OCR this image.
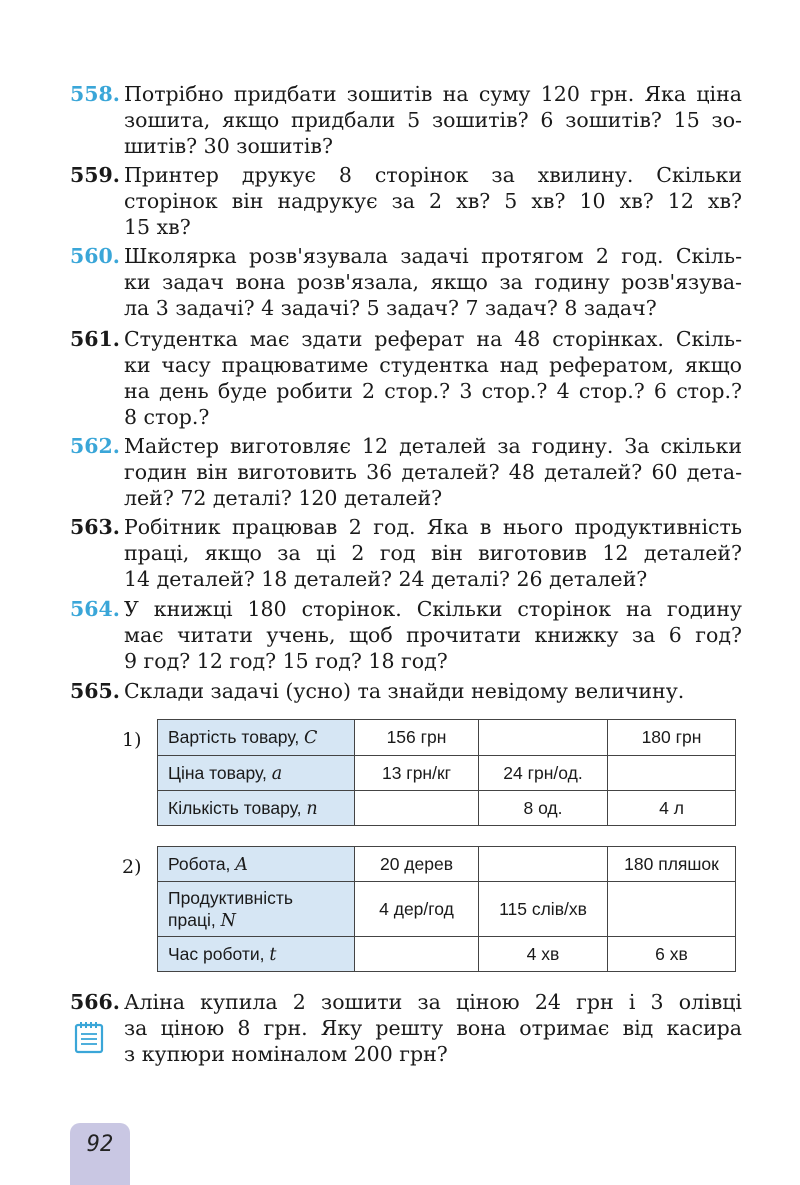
558. Потрібно придбати зошитів на суму 120 грн. Яка ціна
зошита, якщо придбали 5 зошитів? 6 зошитів? 15 зо-
шитів? 30 зошитів?
559. Принтер друкує 8 сторінок за хвилину. Скільки
сторінок він надрукує за 2 хв? 5 хв? 10 хв? 12 хв?
15 хв?
560. Школярка розв'язувала задачі протягом 2 год. Скіль-
ки задач вона розв'язала, якщо за годину розв'язува-
ла 3 задачі? 4 задачі? 5 задач? 7 задач? 8 задач?
561. Студентка має здати реферат на 48 сторінках. Скіль-
ки часу працюватиме студентка над рефератом, якщо
на день буде робити 2 стор.? 3 стор.? 4 стор.? 6 стор.?
8 стор.?
562. Майстер виготовляє 12 деталей за годину. За скільки
годин він виготовить 36 деталей? 48 деталей? 60 дета-
лей? 72 деталі? 120 деталей?
563. Робітник працював 2 год. Яка в нього продуктивність
праці, якщо за ці 2 год він виготовив 12 деталей?
14 деталей? 18 деталей? 24 деталі? 26 деталей?
564. У книжці 180 сторінок. Скільки сторінок на годину
має читати учень, щоб прочитати книжку за 6 год?
9 год? 12 год? 15 год? 18 год?
565. Склади задачі (усно) та знайди невідому величину.
1) Вартість товару, C	156 грн		180 грн
Ціна товару, a	13 грн/кг	24 грн/од.	
Кількість товару, n		8 од.	4 л
2) Робота, A	20 дерев		180 пляшок
Продуктивність
праці, N	4 дер/год	115 слів/хв	
Час роботи, t		4 хв	6 хв
566. Аліна купила 2 зошити за ціною 24 грн і 3 олівці
за ціною 8 грн. Яку решту вона отримає від касира
з купюри номіналом 200 грн?
92
